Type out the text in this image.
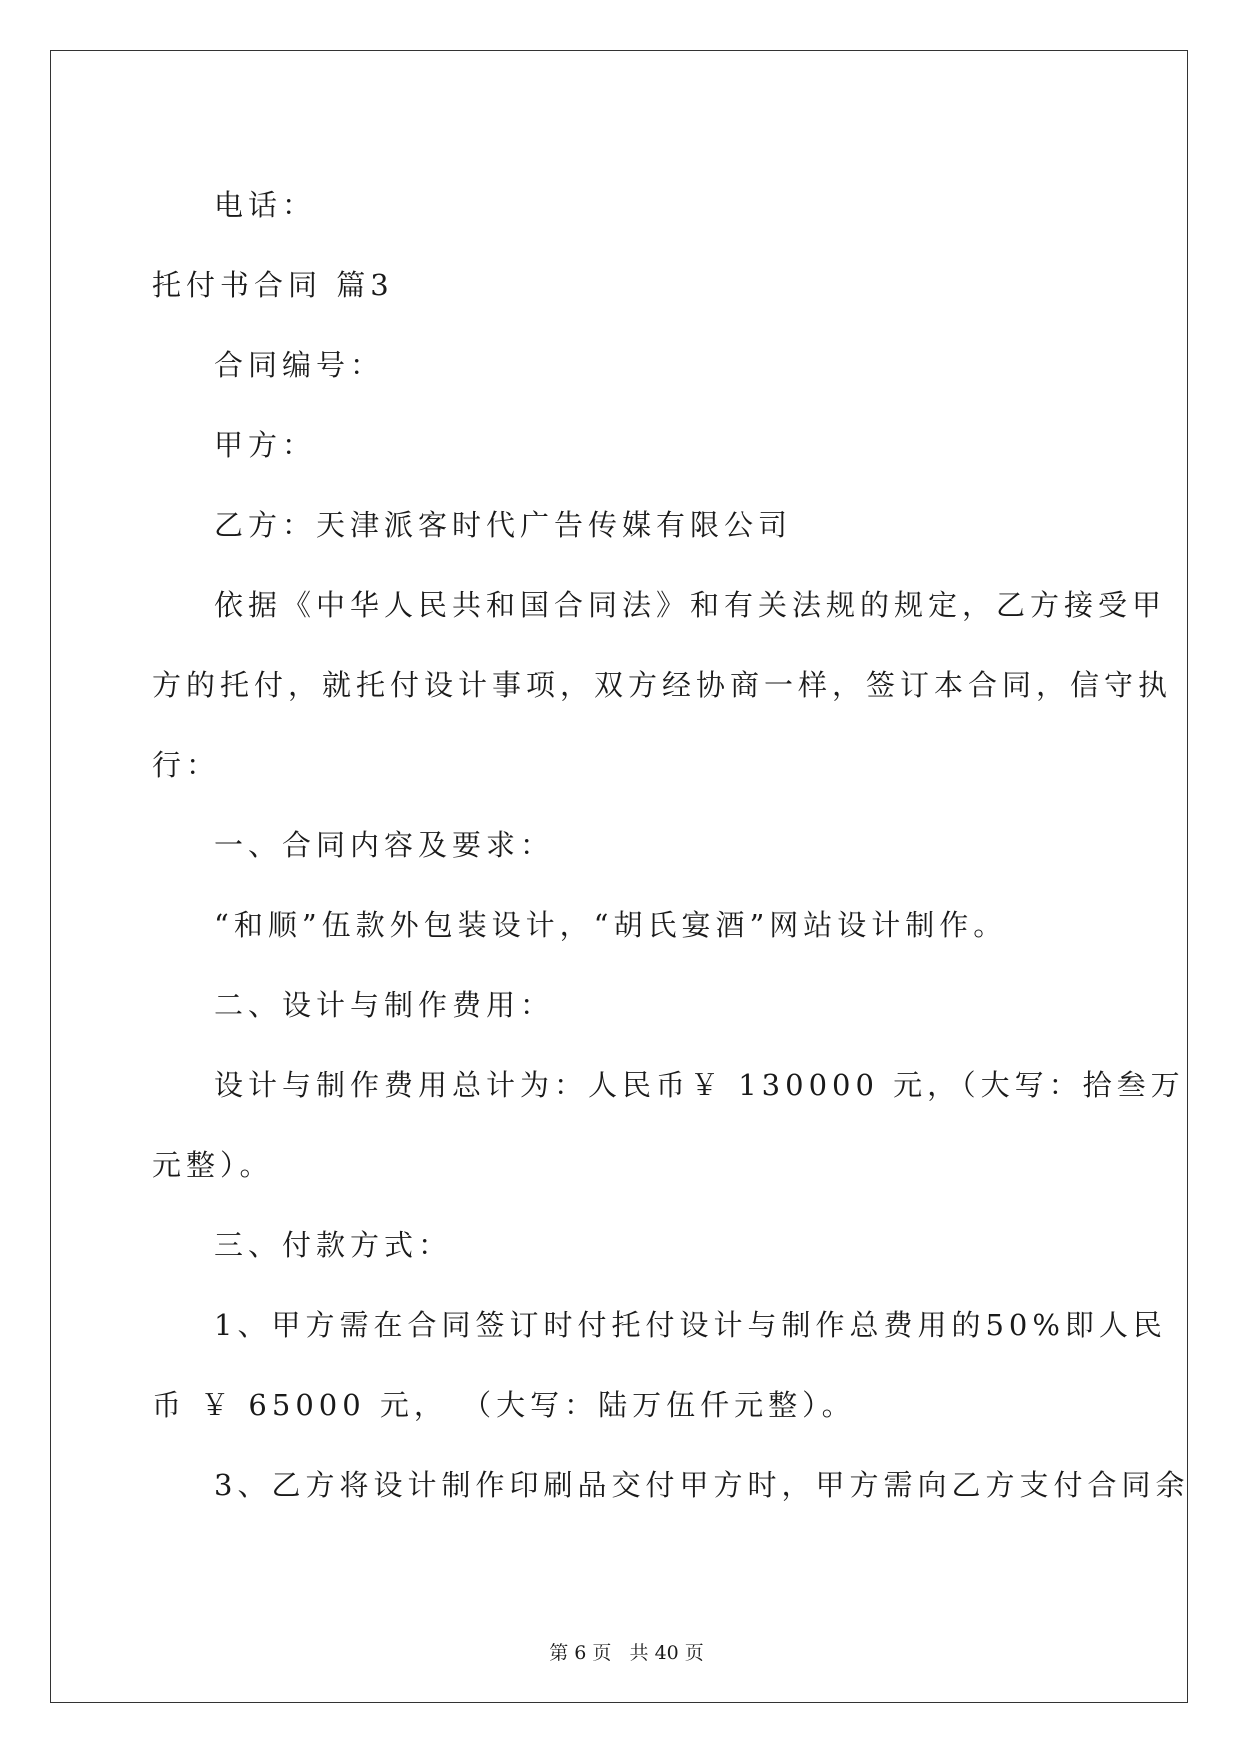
电话：
托付书合同 篇3
合同编号：
甲方：
乙方：天津派客时代广告传媒有限公司
依据《中华人民共和国合同法》和有关法规的规定，乙方接受甲
方的托付，就托付设计事项，双方经协商一样，签订本合同，信守执
行：
一、合同内容及要求：
“和顺”伍款外包装设计，“胡氏宴酒”网站设计制作。
二、设计与制作费用：
设计与制作费用总计为：人民币￥ 130000 元，（大写：拾叁万
元整）。
三、付款方式：
1、甲方需在合同签订时付托付设计与制作总费用的50%即人民
币 ￥ 65000 元， （大写：陆万伍仟元整）。
3、乙方将设计制作印刷品交付甲方时，甲方需向乙方支付合同余

第 6 页   共 40 页
